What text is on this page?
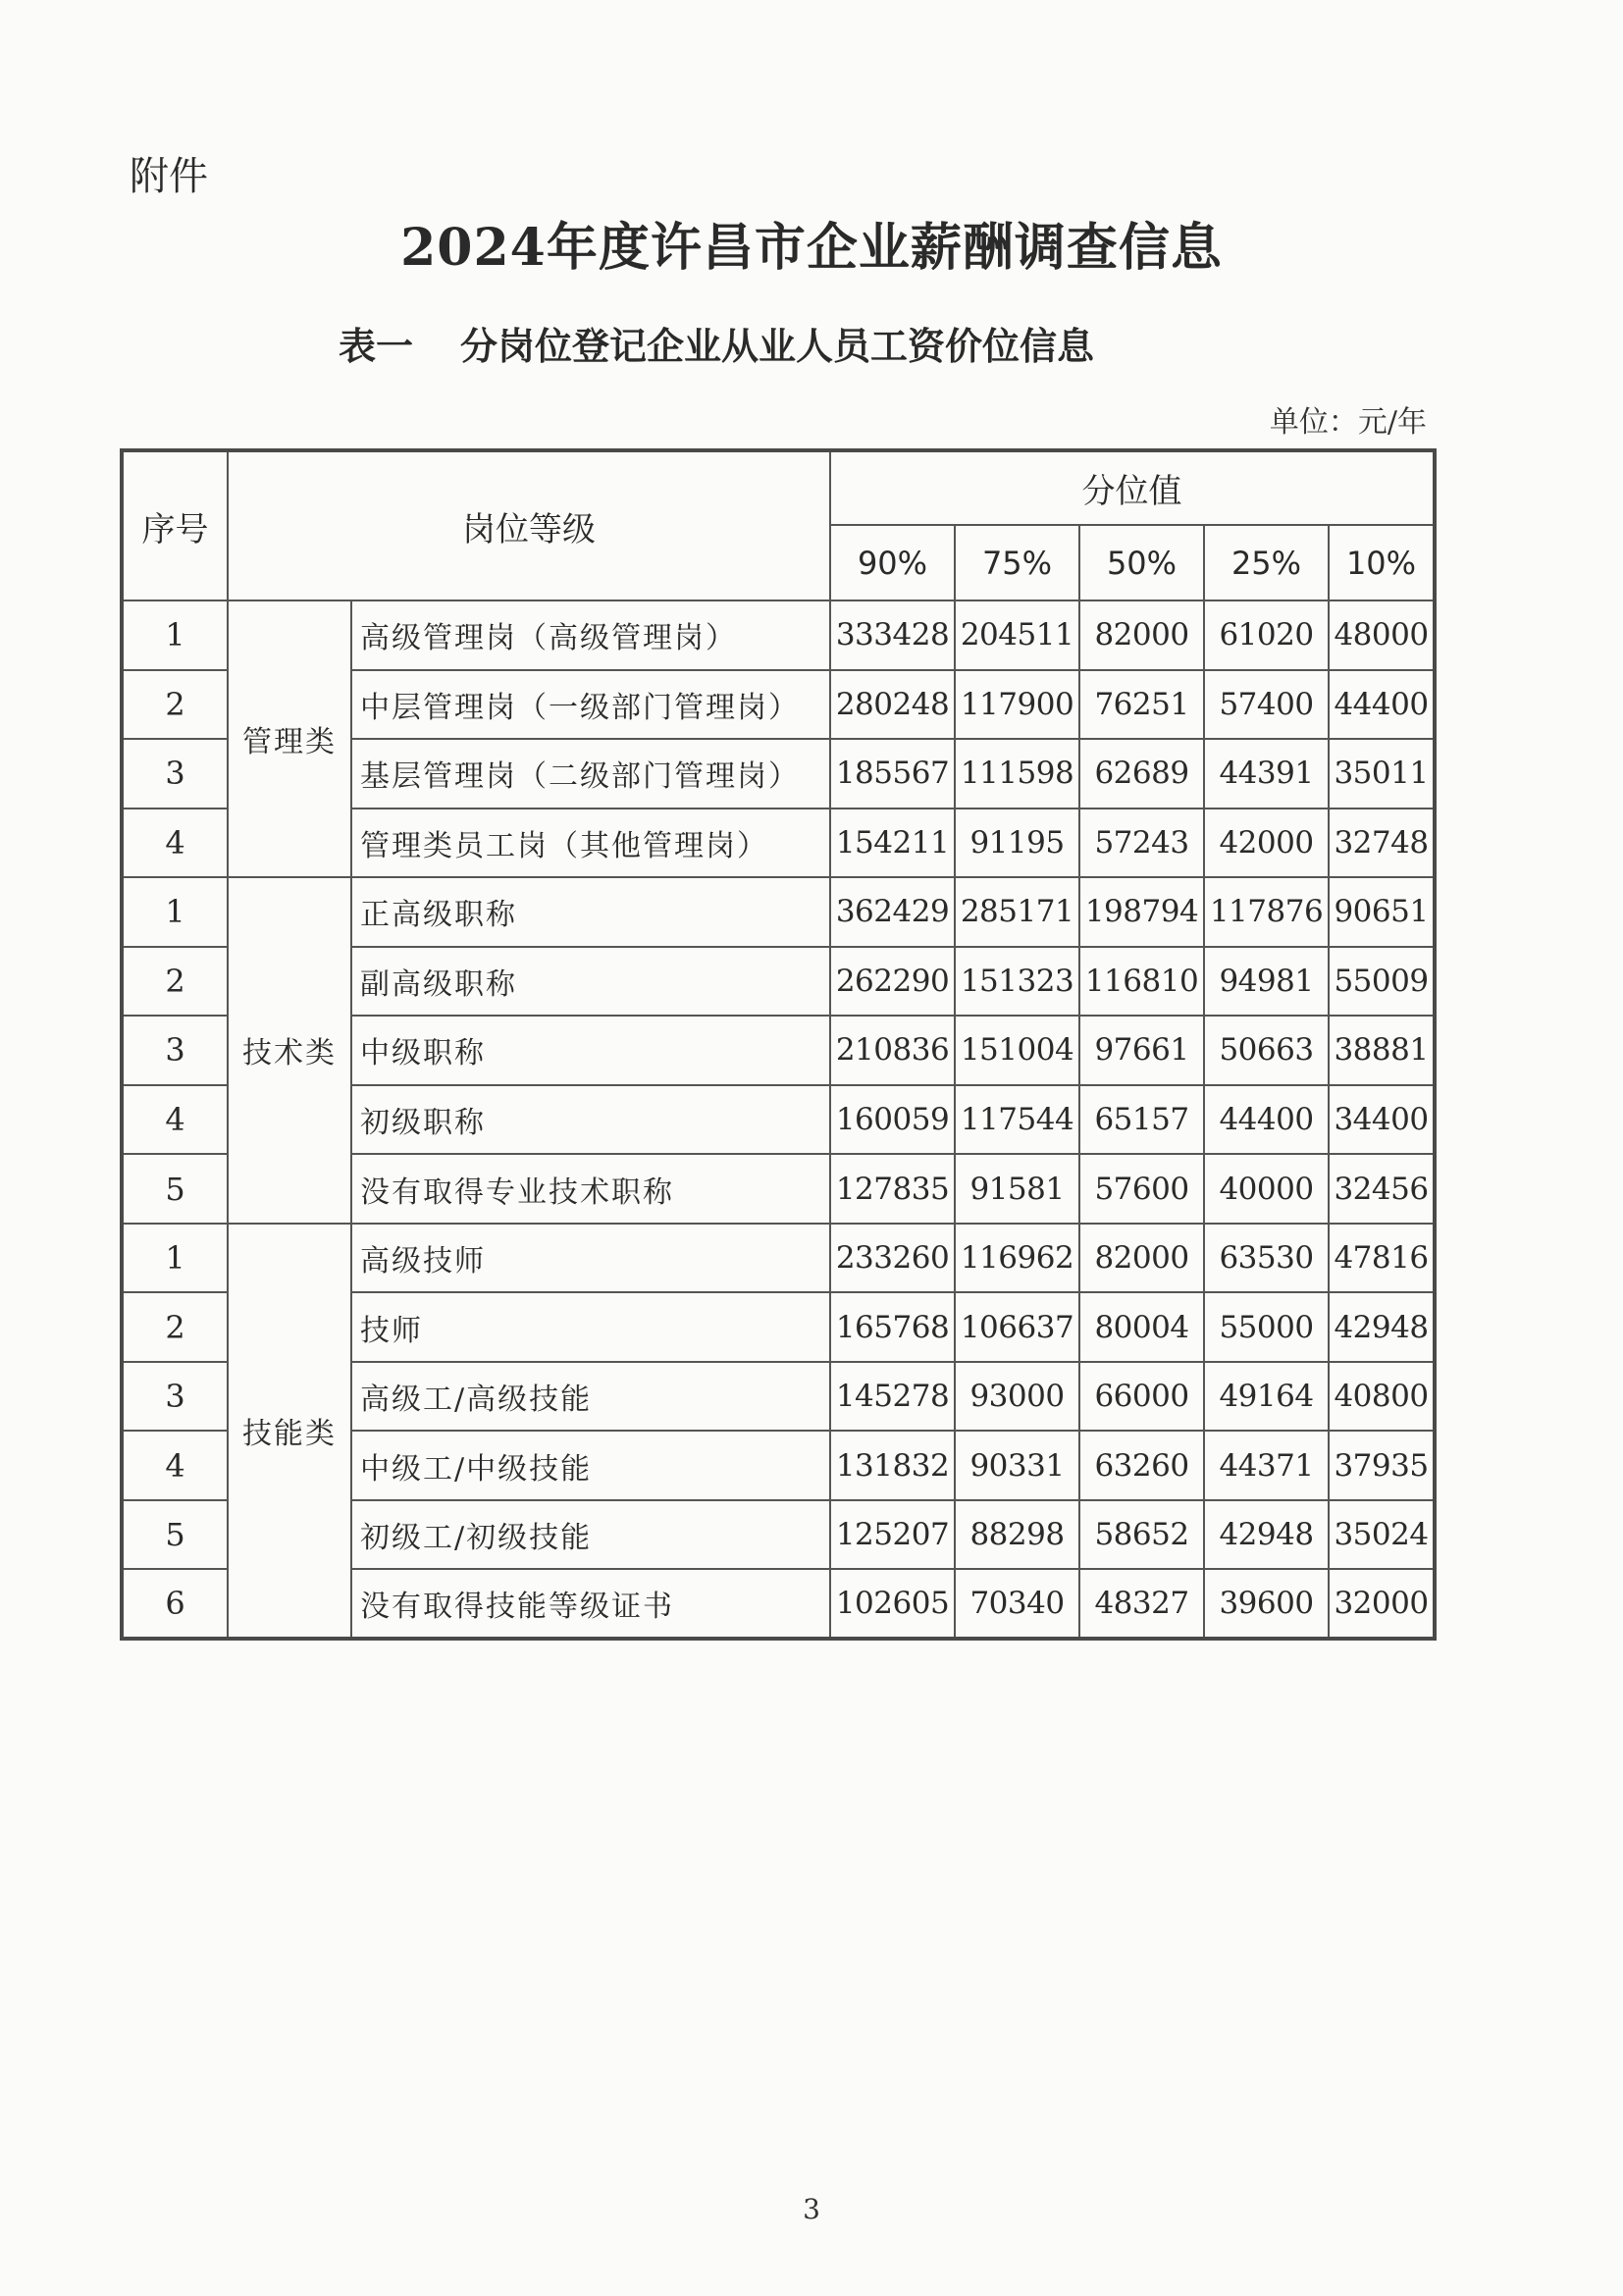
附件
2024年度许昌市企业薪酬调查信息
表一 分岗位登记企业从业人员工资价位信息
单位：元/年
序号	岗位等级		分位值				
			90%	75%	50%	25%	10%
1	管理类	高级管理岗（高级管理岗）	333428	204511	82000	61020	48000
2		中层管理岗（一级部门管理岗）	280248	117900	76251	57400	44400
3		基层管理岗（二级部门管理岗）	185567	111598	62689	44391	35011
4		管理类员工岗（其他管理岗）	154211	91195	57243	42000	32748
1	技术类	正高级职称	362429	285171	198794	117876	90651
2		副高级职称	262290	151323	116810	94981	55009
3		中级职称	210836	151004	97661	50663	38881
4		初级职称	160059	117544	65157	44400	34400
5		没有取得专业技术职称	127835	91581	57600	40000	32456
1	技能类	高级技师	233260	116962	82000	63530	47816
2		技师	165768	106637	80004	55000	42948
3		高级工/高级技能	145278	93000	66000	49164	40800
4		中级工/中级技能	131832	90331	63260	44371	37935
5		初级工/初级技能	125207	88298	58652	42948	35024
6		没有取得技能等级证书	102605	70340	48327	39600	32000
3
